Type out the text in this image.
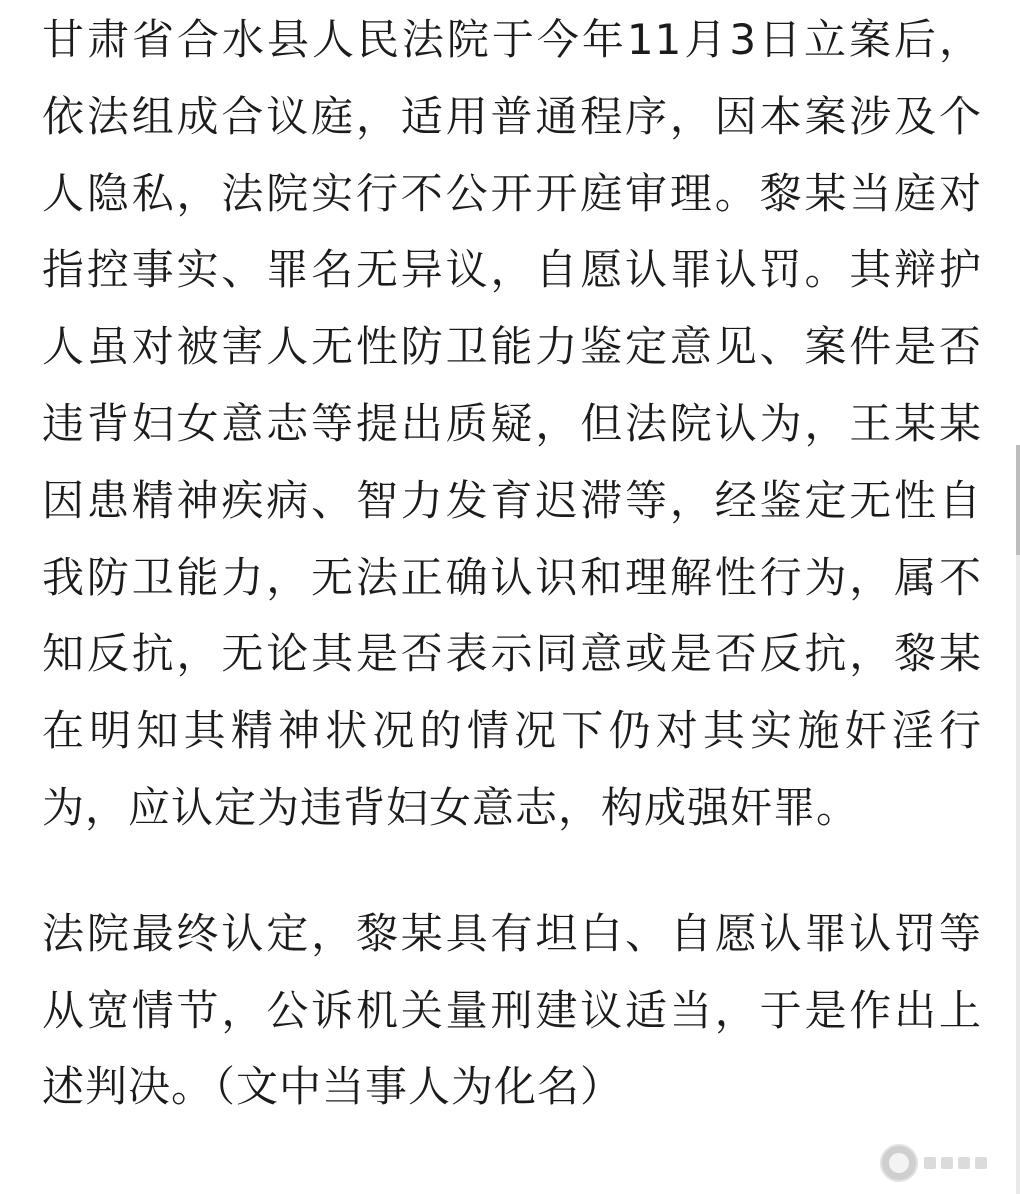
甘肃省合水县人民法院于今年11月3日立案后，依法组成合议庭，适用普通程序，因本案涉及个人隐私，法院实行不公开开庭审理。黎某当庭对指控事实、罪名无异议，自愿认罪认罚。其辩护人虽对被害人无性防卫能力鉴定意见、案件是否违背妇女意志等提出质疑，但法院认为，王某某因患精神疾病、智力发育迟滞等，经鉴定无性自我防卫能力，无法正确认识和理解性行为，属不知反抗，无论其是否表示同意或是否反抗，黎某在明知其精神状况的情况下仍对其实施奸淫行为，应认定为违背妇女意志，构成强奸罪。

法院最终认定，黎某具有坦白、自愿认罪认罚等从宽情节，公诉机关量刑建议适当，于是作出上述判决。（文中当事人为化名）
